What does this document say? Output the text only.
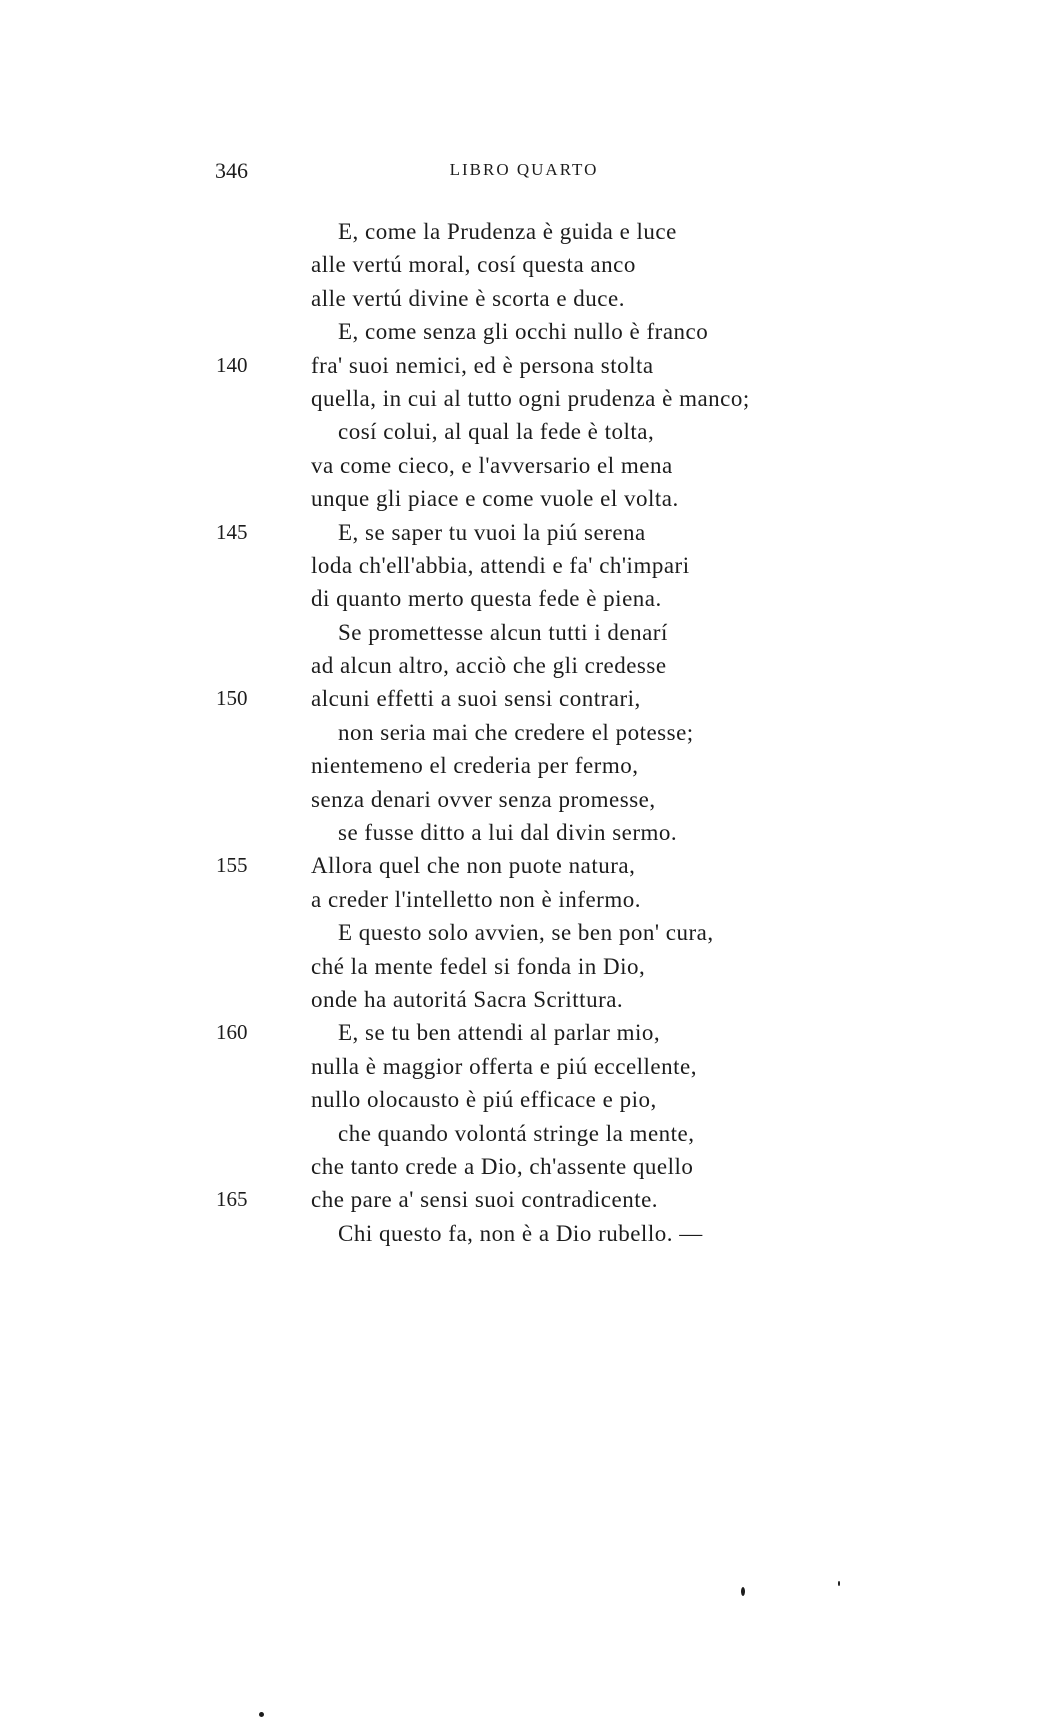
346	LIBRO QUARTO
E, come la Prudenza è guida e luce
alle vertú moral, cosí questa anco
alle vertú divine è scorta e duce.
E, come senza gli occhi nullo è franco
140	fra' suoi nemici, ed è persona stolta
quella, in cui al tutto ogni prudenza è manco;
cosí colui, al qual la fede è tolta,
va come cieco, e l'avversario el mena
unque gli piace e come vuole el volta.
145	E, se saper tu vuoi la piú serena
loda ch'ell'abbia, attendi e fa' ch'impari
di quanto merto questa fede è piena.
Se promettesse alcun tutti i denarí
ad alcun altro, acciò che gli credesse
150	alcuni effetti a suoi sensi contrari,
non seria mai che credere el potesse;
nientemeno el crederia per fermo,
senza denari ovver senza promesse,
se fusse ditto a lui dal divin sermo.
155	Allora quel che non puote natura,
a creder l'intelletto non è infermo.
E questo solo avvien, se ben pon' cura,
ché la mente fedel si fonda in Dio,
onde ha autoritá Sacra Scrittura.
160	E, se tu ben attendi al parlar mio,
nulla è maggior offerta e piú eccellente,
nullo olocausto è piú efficace e pio,
che quando volontá stringe la mente,
che tanto crede a Dio, ch'assente quello
165	che pare a' sensi suoi contradicente.
Chi questo fa, non è a Dio rubello. —
